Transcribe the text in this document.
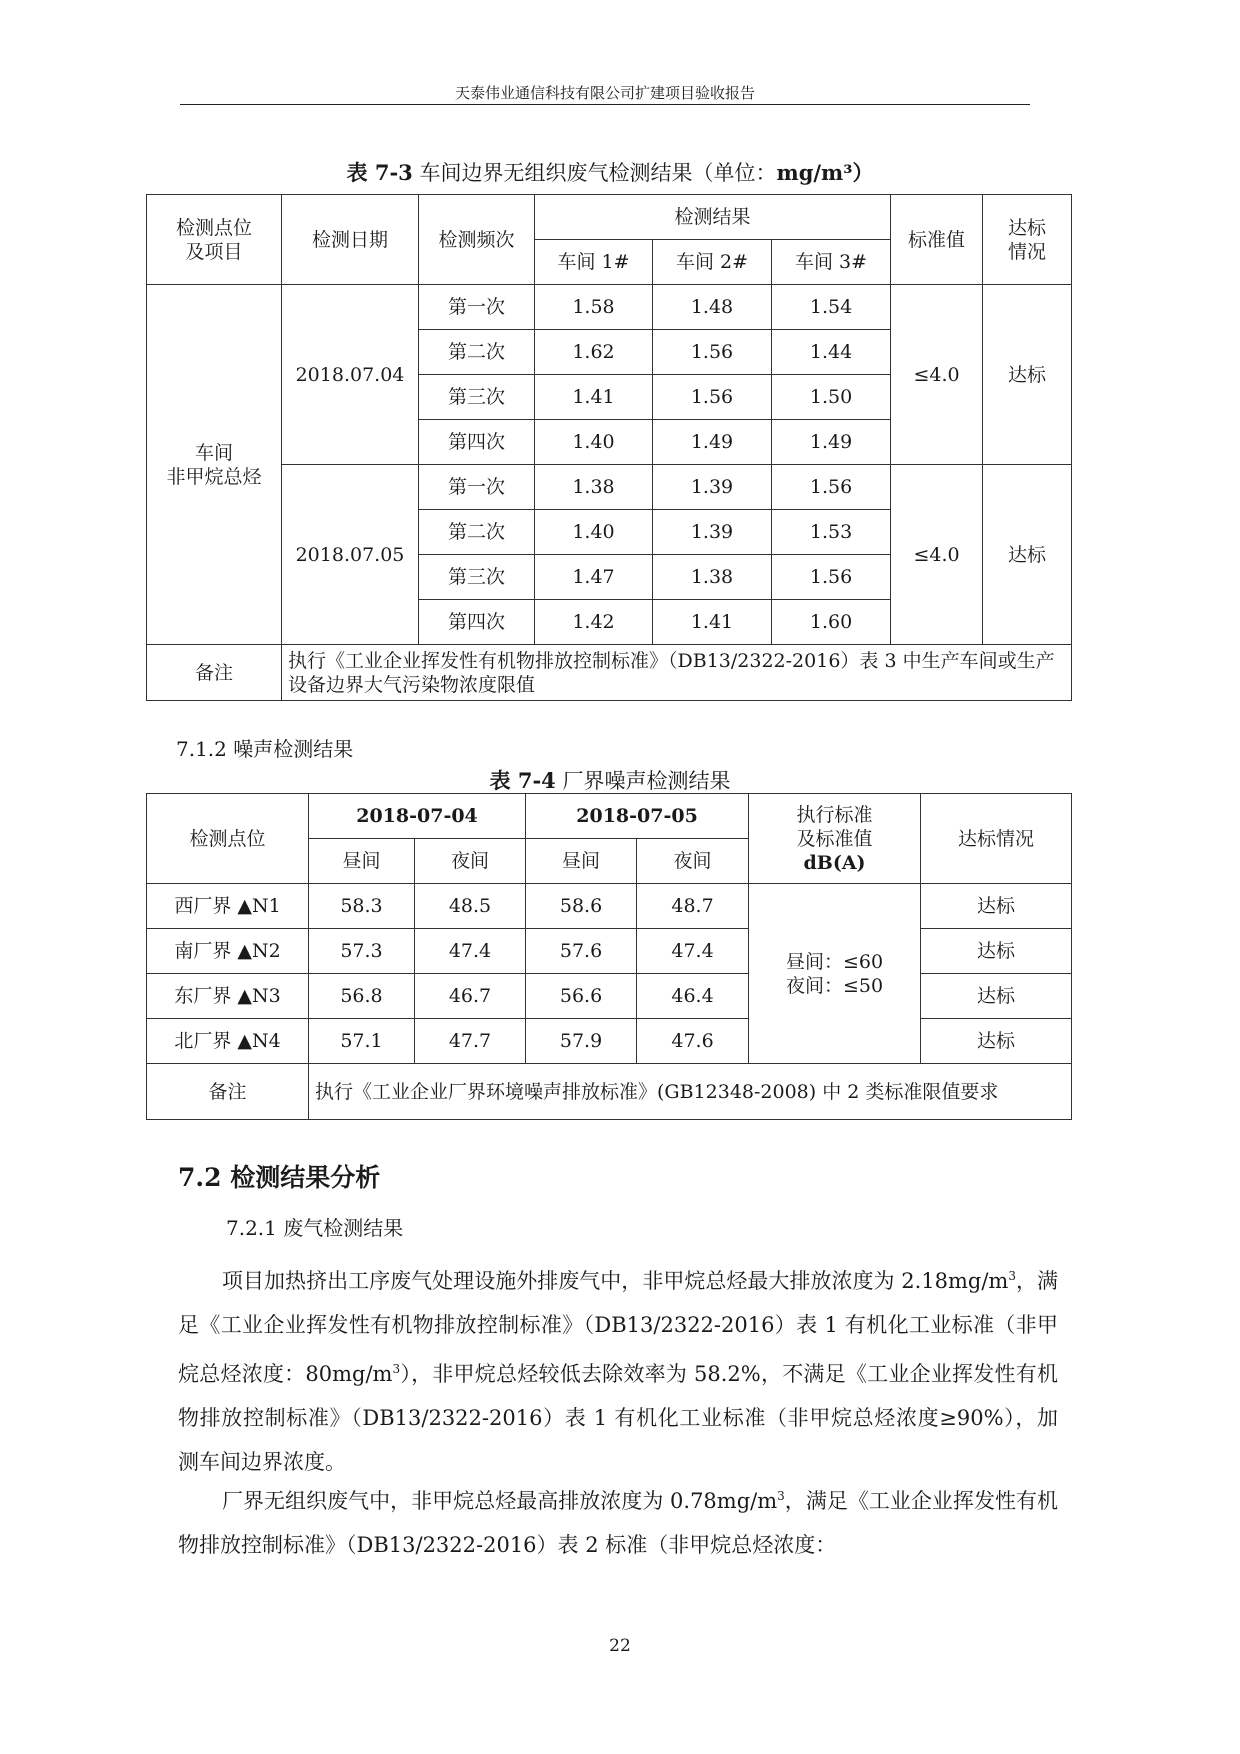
天泰伟业通信科技有限公司扩建项目验收报告
表 7-3 车间边界无组织废气检测结果（单位：mg/m³）
检测点位
及项目	检测日期	检测频次	检测结果			标准值	达标
情况
			车间 1#	车间 2#	车间 3#		
车间
非甲烷总烃	2018.07.04	第一次	1.58	1.48	1.54	≤4.0	达标
		第二次	1.62	1.56	1.44		
		第三次	1.41	1.56	1.50		
		第四次	1.40	1.49	1.49		
	2018.07.05	第一次	1.38	1.39	1.56	≤4.0	达标
		第二次	1.40	1.39	1.53		
		第三次	1.47	1.38	1.56		
		第四次	1.42	1.41	1.60		
备注	执行《工业企业挥发性有机物排放控制标准》（DB13/2322-2016）表 3 中生产车间或生产设备边界大气污染物浓度限值						
7.1.2 噪声检测结果
表 7-4 厂界噪声检测结果
检测点位	2018-07-04		2018-07-05		执行标准
及标准值
dB(A)	达标情况
	昼间	夜间	昼间	夜间		
西厂界 ▲N1	58.3	48.5	58.6	48.7	昼间：≤60
夜间：≤50	达标
南厂界 ▲N2	57.3	47.4	57.6	47.4		达标
东厂界 ▲N3	56.8	46.7	56.6	46.4		达标
北厂界 ▲N4	57.1	47.7	57.9	47.6		达标
备注	执行《工业企业厂界环境噪声排放标准》(GB12348-2008) 中 2 类标准限值要求					
7.2 检测结果分析
7.2.1 废气检测结果

项目加热挤出工序废气处理设施外排废气中，非甲烷总烃最大排放浓度为 $2.18mg/m^3$，满足《工业企业挥发性有机物排放控制标准》（DB13/2322-2016）表 1 有机化工业标准（非甲烷总烃浓度：$80mg/m^3$），非甲烷总烃较低去除效率为 58.2%，不满足《工业企业挥发性有机物排放控制标准》（DB13/2322-2016）表 1 有机化工业标准（非甲烷总烃浓度≥90%），加测车间边界浓度。

厂界无组织废气中，非甲烷总烃最高排放浓度为 $0.78mg/m^3$，满足《工业企业挥发性有机物排放控制标准》（DB13/2322-2016）表 2 标准（非甲烷总烃浓度：

22
